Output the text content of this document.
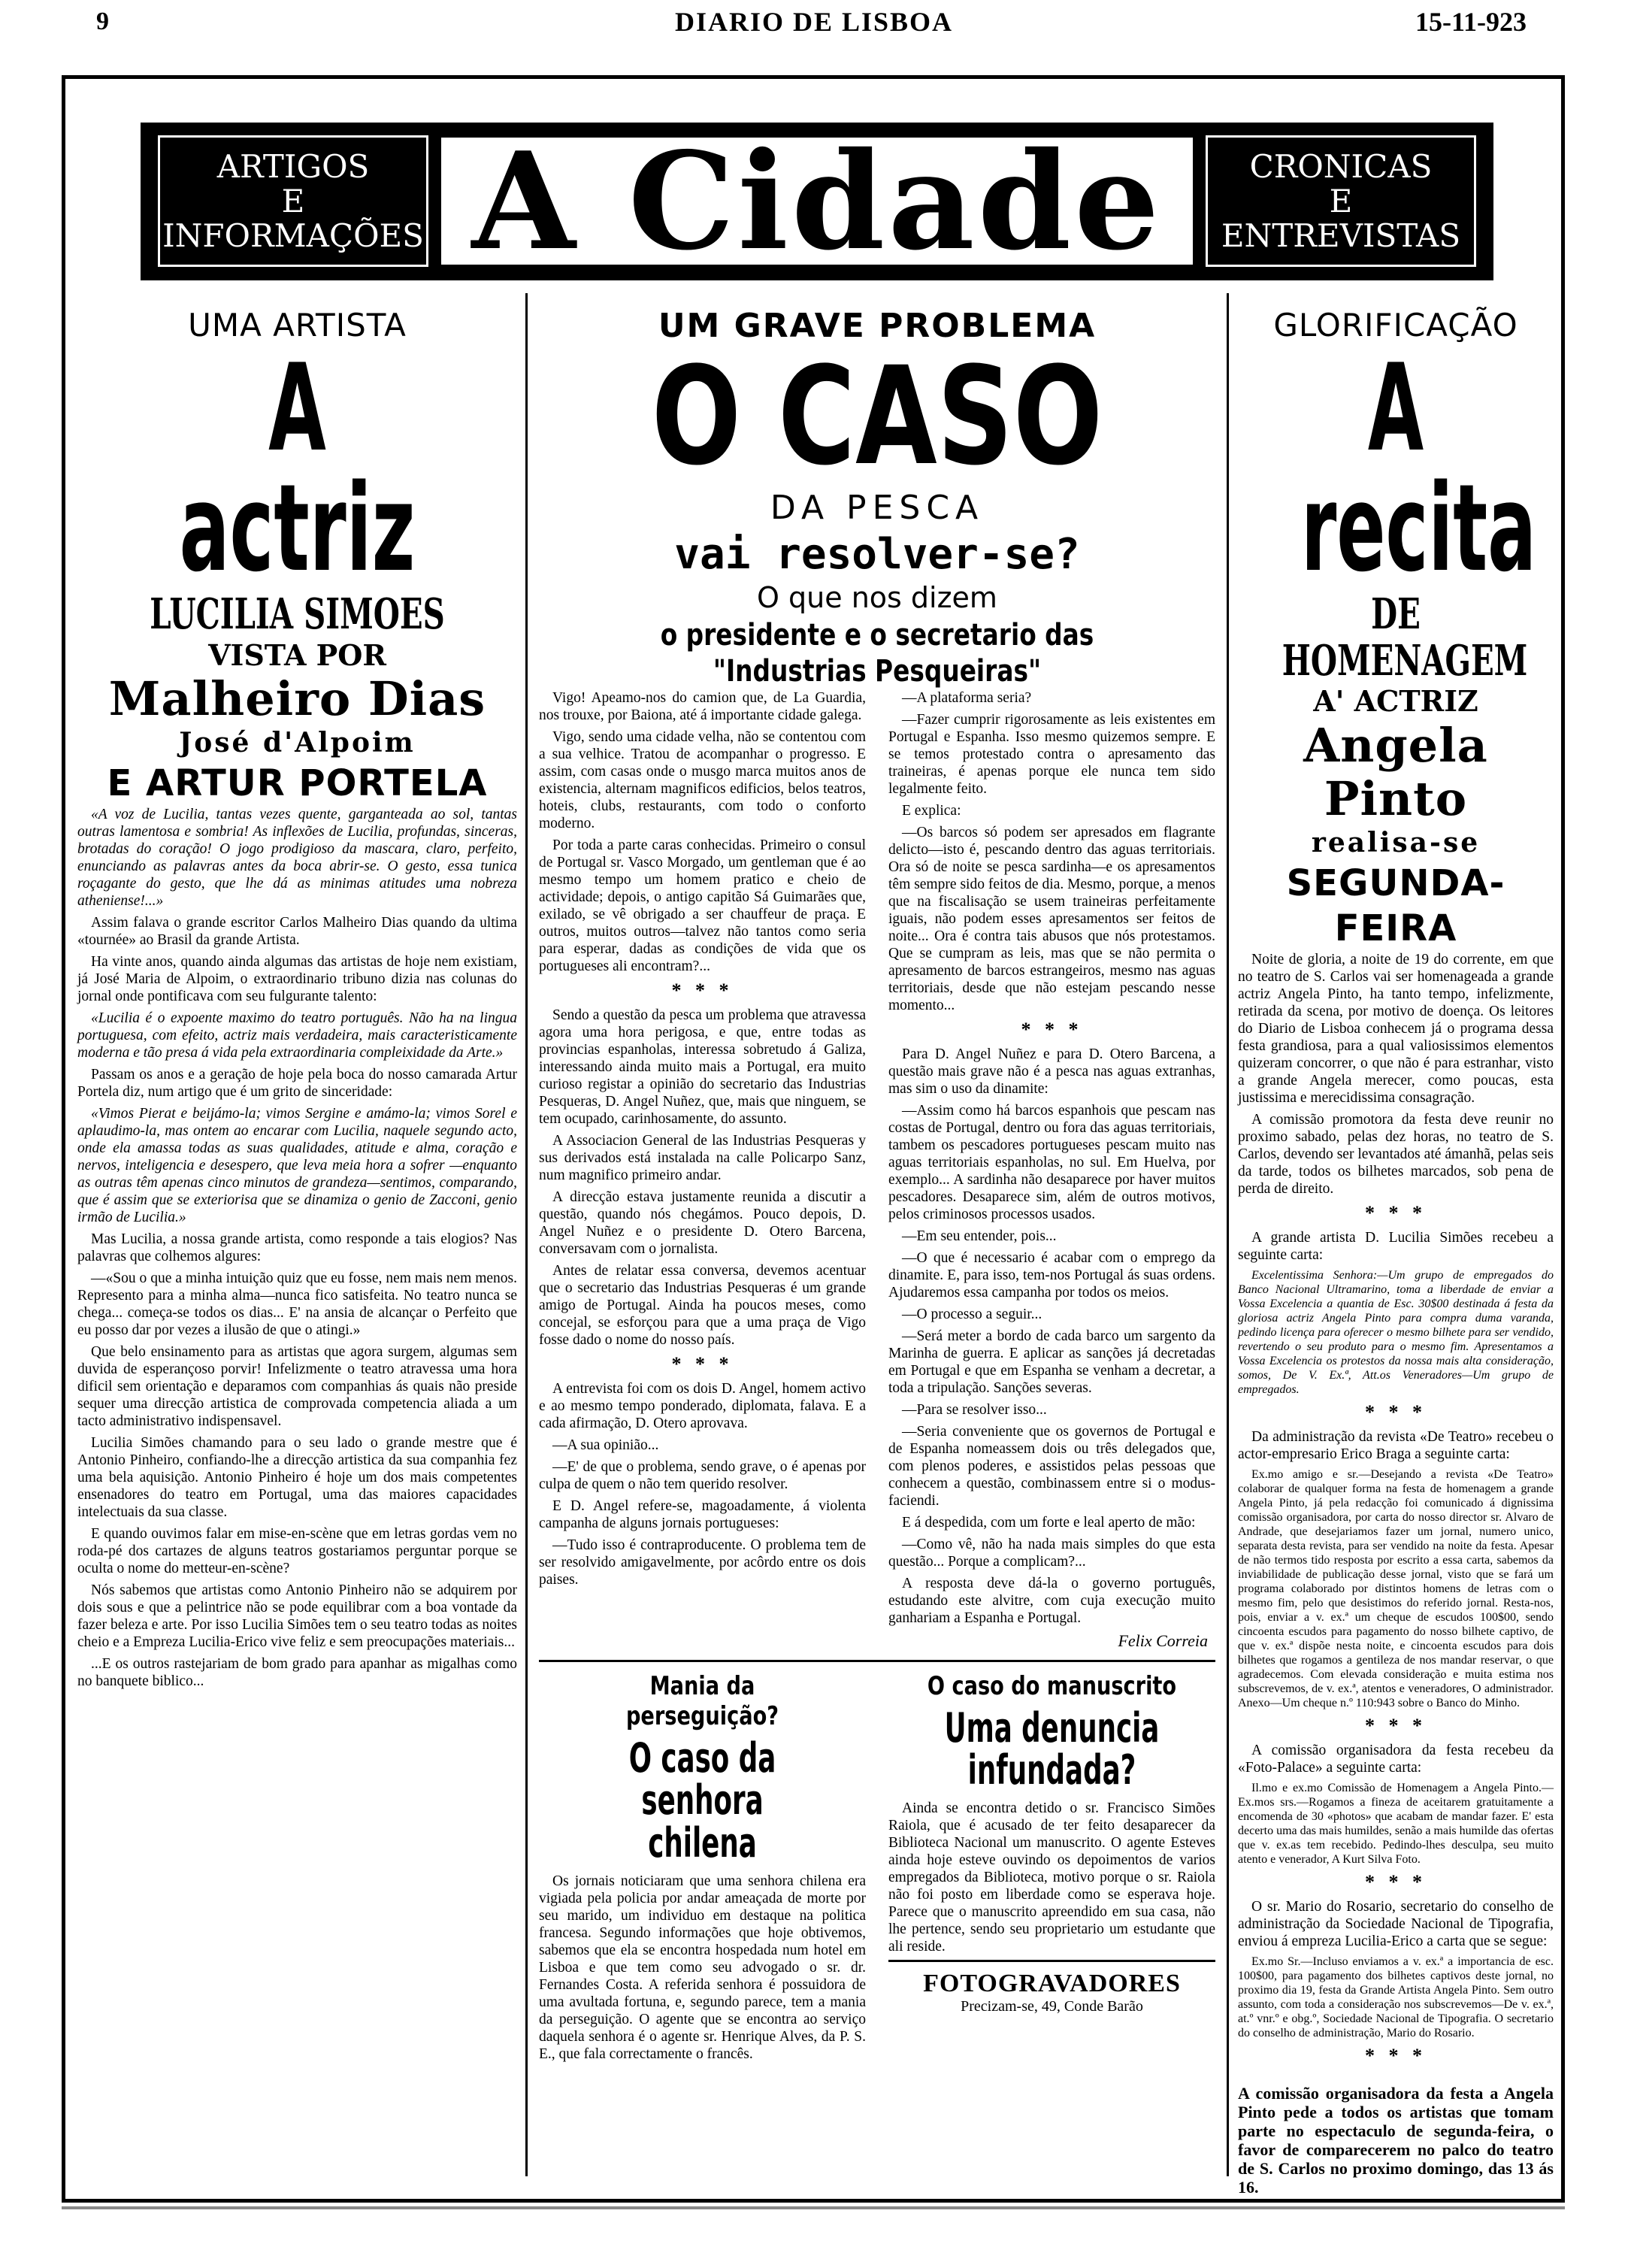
9	DIARIO DE LISBOA	15-11-923
ARTIGOS
E
INFORMAÇÕES A Cidade	CRONICAS
E
ENTREVISTAS
UMA ARTISTA
A actriz
LUCILIA SIMOES
VISTA POR
Malheiro Dias
José d'Alpoim
E ARTUR PORTELA

«A voz de Lucilia, tantas vezes quente, garganteada ao sol, tantas outras lamentosa e sombria! As inflexões de Lucilia, profundas, sinceras, brotadas do coração! O jogo prodigioso da mascara, claro, perfeito, enunciando as palavras antes da boca abrir-se. O gesto, essa tunica roçagante do gesto, que lhe dá as minimas atitudes uma nobreza atheniense!...»

Assim falava o grande escritor Carlos Malheiro Dias quando da ultima «tournée» ao Brasil da grande Artista.

Ha vinte anos, quando ainda algumas das artistas de hoje nem existiam, já José Maria de Alpoim, o extraordinario tribuno dizia nas colunas do jornal onde pontificava com seu fulgurante talento:

«Lucilia é o expoente maximo do teatro português. Não ha na lingua portuguesa, com efeito, actriz mais verdadeira, mais caracteristicamente moderna e tão presa á vida pela extraordinaria compleixidade da Arte.»

Passam os anos e a geração de hoje pela boca do nosso camarada Artur Portela diz, num artigo que é um grito de sinceridade:

«Vimos Pierat e beijámo-la; vimos Sergine e amámo-la; vimos Sorel e aplaudimo-la, mas ontem ao encarar com Lucilia, naquele segundo acto, onde ela amassa todas as suas qualidades, atitude e alma, coração e nervos, inteligencia e desespero, que leva meia hora a sofrer —enquanto as outras têm apenas cinco minutos de grandeza—sentimos, comparando, que é assim que se exteriorisa que se dinamiza o genio de Zacconi, genio irmão de Lucilia.»

Mas Lucilia, a nossa grande artista, como responde a tais elogios? Nas palavras que colhemos algures:

—«Sou o que a minha intuição quiz que eu fosse, nem mais nem menos. Represento para a minha alma—nunca fico satisfeita. No teatro nunca se chega... começa-se todos os dias... E' na ansia de alcançar o Perfeito que eu posso dar por vezes a ilusão de que o atingi.»

Que belo ensinamento para as artistas que agora surgem, algumas sem duvida de esperançoso porvir! Infelizmente o teatro atravessa uma hora dificil sem orientação e deparamos com companhias ás quais não preside sequer uma direcção artistica de comprovada competencia aliada a um tacto administrativo indispensavel.

Lucilia Simões chamando para o seu lado o grande mestre que é Antonio Pinheiro, confiando-lhe a direcção artistica da sua companhia fez uma bela aquisição. Antonio Pinheiro é hoje um dos mais competentes ensenadores do teatro em Portugal, uma das maiores capacidades intelectuais da sua classe.

E quando ouvimos falar em mise-en-scène que em letras gordas vem no roda-pé dos cartazes de alguns teatros gostariamos perguntar porque se oculta o nome do metteur-en-scène?

Nós sabemos que artistas como Antonio Pinheiro não se adquirem por dois sous e que a pelintrice não se pode equilibrar com a boa vontade da fazer beleza e arte. Por isso Lucilia Simões tem o seu teatro todas as noites cheio e a Empreza Lucilia-Erico vive feliz e sem preocupações materiais...

...E os outros rastejariam de bom grado para apanhar as migalhas como no banquete biblico...

UM GRAVE PROBLEMA
O CASO
DA PESCA
vai resolver-se?
O que nos dizem
o presidente e o secretario das "Industrias Pesqueiras"

Vigo! Apeamo-nos do camion que, de La Guardia, nos trouxe, por Baiona, até á importante cidade galega.

Vigo, sendo uma cidade velha, não se contentou com a sua velhice. Tratou de acompanhar o progresso. E assim, com casas onde o musgo marca muitos anos de existencia, alternam magnificos edificios, belos teatros, hoteis, clubs, restaurants, com todo o conforto moderno.

Por toda a parte caras conhecidas. Primeiro o consul de Portugal sr. Vasco Morgado, um gentleman que é ao mesmo tempo um homem pratico e cheio de actividade; depois, o antigo capitão Sá Guimarães que, exilado, se vê obrigado a ser chauffeur de praça. E outros, muitos outros—talvez não tantos como seria para esperar, dadas as condições de vida que os portugueses ali encontram?...

* * *

Sendo a questão da pesca um problema que atravessa agora uma hora perigosa, e que, entre todas as provincias espanholas, interessa sobretudo á Galiza, interessando ainda muito mais a Portugal, era muito curioso registar a opinião do secretario das Industrias Pesqueras, D. Angel Nuñez, que, mais que ninguem, se tem ocupado, carinhosamente, do assunto.

A Associacion General de las Industrias Pesqueras y sus derivados está instalada na calle Policarpo Sanz, num magnifico primeiro andar.

A direcção estava justamente reunida a discutir a questão, quando nós chegámos. Pouco depois, D. Angel Nuñez e o presidente D. Otero Barcena, conversavam com o jornalista.

Antes de relatar essa conversa, devemos acentuar que o secretario das Industrias Pesqueras é um grande amigo de Portugal. Ainda ha poucos meses, como concejal, se esforçou para que a uma praça de Vigo fosse dado o nome do nosso país.

* * *

A entrevista foi com os dois D. Angel, homem activo e ao mesmo tempo ponderado, diplomata, falava. E a cada afirmação, D. Otero aprovava.

—A sua opinião...

—E' de que o problema, sendo grave, o é apenas por culpa de quem o não tem querido resolver.

E D. Angel refere-se, magoadamente, á violenta campanha de alguns jornais portugueses:

—Tudo isso é contraproducente. O problema tem de ser resolvido amigavelmente, por acôrdo entre os dois paises.

—A plataforma seria?

—Fazer cumprir rigorosamente as leis existentes em Portugal e Espanha. Isso mesmo quizemos sempre. E se temos protestado contra o apresamento das traineiras, é apenas porque ele nunca tem sido legalmente feito.

E explica:

—Os barcos só podem ser apresados em flagrante delicto—isto é, pescando dentro das aguas territoriais. Ora só de noite se pesca sardinha—e os apresamentos têm sempre sido feitos de dia. Mesmo, porque, a menos que na fiscalisação se usem traineiras perfeitamente iguais, não podem esses apresamentos ser feitos de noite... Ora é contra tais abusos que nós protestamos. Que se cumpram as leis, mas que se não permita o apresamento de barcos estrangeiros, mesmo nas aguas territoriais, desde que não estejam pescando nesse momento...

* * *

Para D. Angel Nuñez e para D. Otero Barcena, a questão mais grave não é a pesca nas aguas extranhas, mas sim o uso da dinamite:

—Assim como há barcos espanhois que pescam nas costas de Portugal, dentro ou fora das aguas territoriais, tambem os pescadores portugueses pescam muito nas aguas territoriais espanholas, no sul. Em Huelva, por exemplo... A sardinha não desaparece por haver muitos pescadores. Desaparece sim, além de outros motivos, pelos criminosos processos usados.

—Em seu entender, pois...

—O que é necessario é acabar com o emprego da dinamite. E, para isso, tem-nos Portugal ás suas ordens. Ajudaremos essa campanha por todos os meios.

—O processo a seguir...

—Será meter a bordo de cada barco um sargento da Marinha de guerra. E aplicar as sanções já decretadas em Portugal e que em Espanha se venham a decretar, a toda a tripulação. Sanções severas.

—Para se resolver isso...

—Seria conveniente que os governos de Portugal e de Espanha nomeassem dois ou três delegados que, com plenos poderes, e assistidos pelas pessoas que conhecem a questão, combinassem entre si o modus-faciendi.

E á despedida, com um forte e leal aperto de mão:

—Como vê, não ha nada mais simples do que esta questão... Porque a complicam?...

A resposta deve dá-la o governo português, estudando este alvitre, com cuja execução muito ganhariam a Espanha e Portugal.

Felix Correia
Mania da perseguição?
O caso da senhora chilena

Os jornais noticiaram que uma senhora chilena era vigiada pela policia por andar ameaçada de morte por seu marido, um individuo em destaque na politica francesa. Segundo informações que hoje obtivemos, sabemos que ela se encontra hospedada num hotel em Lisboa e que tem como seu advogado o sr. dr. Fernandes Costa. A referida senhora é possuidora de uma avultada fortuna, e, segundo parece, tem a mania da perseguição. O agente que se encontra ao serviço daquela senhora é o agente sr. Henrique Alves, da P. S. E., que fala correctamente o francês.

O caso do manuscrito
Uma denuncia infundada?

Ainda se encontra detido o sr. Francisco Simões Raiola, que é acusado de ter feito desaparecer da Biblioteca Nacional um manuscrito. O agente Esteves ainda hoje esteve ouvindo os depoimentos de varios empregados da Biblioteca, motivo porque o sr. Raiola não foi posto em liberdade como se esperava hoje. Parece que o manuscrito apreendido em sua casa, não lhe pertence, sendo seu proprietario um estudante que ali reside.

FOTOGRAVADORES
Precizam-se, 49, Conde Barão
GLORIFICAÇÃO
A recita
DE HOMENAGEM
A' ACTRIZ
Angela Pinto
realisa-se
SEGUNDA-FEIRA

Noite de gloria, a noite de 19 do corrente, em que no teatro de S. Carlos vai ser homenageada a grande actriz Angela Pinto, ha tanto tempo, infelizmente, retirada da scena, por motivo de doença. Os leitores do Diario de Lisboa conhecem já o programa dessa festa grandiosa, para a qual valiosissimos elementos quizeram concorrer, o que não é para estranhar, visto a grande Angela merecer, como poucas, esta justissima e merecidissima consagração.

A comissão promotora da festa deve reunir no proximo sabado, pelas dez horas, no teatro de S. Carlos, devendo ser levantados até ámanhã, pelas seis da tarde, todos os bilhetes marcados, sob pena de perda de direito.

* * *

A grande artista D. Lucilia Simões recebeu a seguinte carta:

Excelentissima Senhora:—Um grupo de empregados do Banco Nacional Ultramarino, toma a liberdade de enviar a Vossa Excelencia a quantia de Esc. 30$00 destinada á festa da gloriosa actriz Angela Pinto para compra duma varanda, pedindo licença para oferecer o mesmo bilhete para ser vendido, revertendo o seu produto para o mesmo fim. Apresentamos a Vossa Excelencia os protestos da nossa mais alta consideração, somos, De V. Ex.ª, Att.os Veneradores—Um grupo de empregados.

* * *

Da administração da revista «De Teatro» recebeu o actor-empresario Erico Braga a seguinte carta:

Ex.mo amigo e sr.—Desejando a revista «De Teatro» colaborar de qualquer forma na festa de homenagem a grande Angela Pinto, já pela redacção foi comunicado á dignissima comissão organisadora, por carta do nosso director sr. Alvaro de Andrade, que desejariamos fazer um jornal, numero unico, separata desta revista, para ser vendido na noite da festa. Apesar de não termos tido resposta por escrito a essa carta, sabemos da inviabilidade de publicação desse jornal, visto que se fará um programa colaborado por distintos homens de letras com o mesmo fim, pelo que desistimos do referido jornal. Resta-nos, pois, enviar a v. ex.ª um cheque de escudos 100$00, sendo cincoenta escudos para pagamento do nosso bilhete captivo, de que v. ex.ª dispõe nesta noite, e cincoenta escudos para dois bilhetes que rogamos a gentileza de nos mandar reservar, o que agradecemos. Com elevada consideração e muita estima nos subscrevemos, de v. ex.ª, atentos e veneradores, O administrador. Anexo—Um cheque n.º 110:943 sobre o Banco do Minho.

* * *

A comissão organisadora da festa recebeu da «Foto-Palace» a seguinte carta:

Il.mo e ex.mo Comissão de Homenagem a Angela Pinto.—Ex.mos srs.—Rogamos a fineza de aceitarem gratuitamente a encomenda de 30 «photos» que acabam de mandar fazer. E' esta decerto uma das mais humildes, senão a mais humilde das ofertas que v. ex.as tem recebido. Pedindo-lhes desculpa, seu muito atento e venerador, A Kurt Silva Foto.

* * *

O sr. Mario do Rosario, secretario do conselho de administração da Sociedade Nacional de Tipografia, enviou á empreza Lucilia-Erico a carta que se segue:

Ex.mo Sr.—Incluso enviamos a v. ex.ª a importancia de esc. 100$00, para pagamento dos bilhetes captivos deste jornal, no proximo dia 19, festa da Grande Artista Angela Pinto. Sem outro assunto, com toda a consideração nos subscrevemos—De v. ex.ª, at.º vnr.º e obg.º, Sociedade Nacional de Tipografia. O secretario do conselho de administração, Mario do Rosario.

* * *

A comissão organisadora da festa a Angela Pinto pede a todos os artistas que tomam parte no espectaculo de segunda-feira, o favor de comparecerem no palco do teatro de S. Carlos no proximo domingo, das 13 ás 16.
